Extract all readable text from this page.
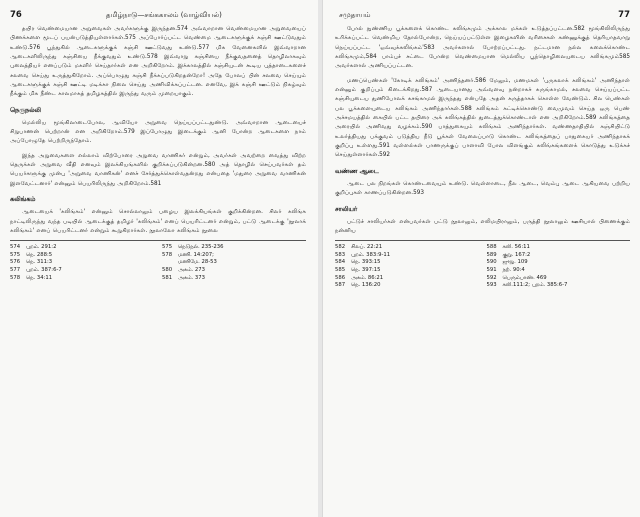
76	தமிழ்நாடு—சங்ககாலம் (வாழ்வியல்)

தயிர வெண்மையான அறுவைகள் அவர்களுக்கு இருந்தன.574 அவ்வாறான வெண்மையான அறுவையைப் பிணக்களை மூடப் பயன்படுத்தியுள்ளார்கள்.575 அப்போர்ப்பட்ட வெண்மை ஆடைகளுக்குக் கஞ்சி ஊட்டுவதும் உண்டு.576 பூந்துகில் ஆடைகளுக்குக் கஞ்சி ஊட்டுவது உண்டு.577 மிக வேனைகளில் இவ்வாறான ஆடைகளிலிருந்து கஞ்சியை நீக்குவதும் உண்டு.578 இவ்வாறு கஞ்சியை நீக்குவதனைத் தொழிலாகவும் புலைத்தியர் எனப்படும் மகளிர் செய்தார்கள் என அறிகிறோம். இக்காலத்தில் கஞ்சியுடன் கூடிய புத்தாடைகளைச் சலவை செய்து உருத்துகிறோம். அப்பொழுது கஞ்சி நீக்கப்படுகிறதன்றோ! அதே போலப் பின் சலவை செய்யும் ஆடைகளுக்குக் கஞ்சி ஊட்டி மடிக்கா நிலை செய்து அணிவிக்கப்பட்டன. எனவே, இக் கஞ்சி ஊட்டும் நிகழ்வும் நீக்கும் மிக நீண்ட காலமாகத் தமிழகத்தில் இருந்து வரும் முறையாகும்.

நெருநல்லி

மெல்லிய மூங்கிலாடைபோல, ஆவியோ அறுவை நெய்யப்பட்டதுண்டு. அவ்வாறான ஆடையைச் சிறுபாணன் பெற்றான் என அறிகிறோம்.579 இப்போழுது இடைக்கும் ஆனி போன்ற ஆடைகளை நாம் அப்போழுதே பெற்றிருந்தோம்.

இந்த அறுவைகளை எல்லாம் விற்போரை அறுவை வாணிகர் என்றும், அவர்கள் அவற்றை வைத்து விற்ற தெருக்கள் அறுவை வீதி எனவும் இலக்கியங்களில் குறிக்கப்படுகின்றன.580 அத் தொழில் செய்பவர்கள் தம் பெயர்களுக்கு முன்பு 'அறுவை வாணிகன்' எனச் சேர்த்துக்கொள்வதன்றது என்பதை 'மதுரை அறுவை வாணிகன் இளவேட்டனார்' என்னும் பெயரிலிருந்து அறிகிறோம்.581

கலிங்கம்

ஆடையைக் 'கலிங்கம்' என்னும் சொல்லாலும் பழைய இலக்கியங்கள் குறிக்கின்றன. சிலர் கலிங்க நாட்டிலிருந்து வந்த படியில் ஆடைக்குத் தமிழர் 'கலிங்கம்' எனப் பெயரிட்டனர் என்றும், பட்டு ஆடைக்கு 'நூலாக் கலிங்கம்' எனப் பெயரிட்டனர் என்றும் கூறுகிறார்கள். நூலாலோ கலிங்கம் நூலை

574 புறம். 291:2	575 நெடுநல். 235-236
575 நெ. 288:5	578 மணி. 14:207;
576 நெ. 311:3	மணிமே. 28-53
577 புறம். 387:6-7	580 அகம். 273
578 நெ. 34:11	581 அகம். 373
சமுதாயம்	77

போல் நுண்ணிய பூக்களைக் கொண்ட கலிங்கமும் அக்கால மக்கள் உடுத்தப்பட்டன.582 மூங்கிலிலிருந்து உரிக்கப்பட்ட வெண்மிய தோல்போன்ற, நெய்யப்பட்டுள்ள இழைகளின் வரிசைகள் கண்ணுக்குத் தெரியாதவாறு நெய்யப்பட்ட 'ஒவ்வுக்கலிங்கம்'583 அவர்களால் போற்றப்பட்டது. நட்டமான நல்ல கலைக்கொண்ட கலிங்கமும்,584 பாம்புச் சட்டை போன்ற வெண்மையான மெல்லிய பூந்தொழிலையுடைய கலிங்கமும்585 அவர்களால் அணியப்பட்டன.

மணப்பெண்கள் 'கோடிக் கலிங்கம்' அணிந்தனர்.586 மேலும், மணமகள் 'புருகலாக் கலிங்கம்' அணிந்தாள் என்னும் குறிப்பும் கிடைக்கிறது.587 ஆடையானது அவ்வளவு நன்றாகச் சுருங்காமல், சலவை செய்யப்பட்ட கஞ்சியுடைய துணிபோலக் கசங்காமல் இருந்தது என்பதே அதன் கருத்தாகக் கொள்ள வேண்டும். சில பெண்கள் பல பூக்களையுடைய கலிங்கம் அணிந்தார்கள்.588 கலிங்கம் கட்டிக்கொண்டு வைமுவம் செய்த ஒரு பெண் அச்சமயத்தில் கையில் பட்ட தயிரை அக் கலிங்கத்தில் துடைத்துக்கொண்டாள் என அறிகிறோம்.589 கலிங்கத்தை அரையில் அணிவது வழக்கம்.590 பாத்துகையும் கலிங்கம் அணிந்தார்கள். வண்ணதாதியில் கஞ்சியிட்டு உலர்த்தியது பக்குவம் படுத்திய நீடு பூக்கள் வேலைப்பாடு கொண்ட கலிங்கத்தைப் பாதுகையர் அணிந்தாகக் குறிப்பு உள்ளது.591 வள்ளல்கள் பாணருக்குப் பாளாவி போல விளங்கும் கலிங்கங்களைக் கொடுத்து உடுக்கச் செய்துள்ளார்கள்.592

வண்ண ஆடை

ஆடை பல நிறங்கள் கொண்டவையும் உண்டு. வெள்ளாடை, நீல ஆடை, வெம்பு ஆடை ஆகியவை பற்றிய குறிப்புகள் காணப்படுகின்றன.593

சாலியர்

பட்டுச் சாலியர்கள் என்பவர்கள் பட்டு நூலாலும், எலிமயிராலும், பருத்தி நூலாலும் ஊசியால் பிணைக்கும் நன்னிய

582 சிலப். 22:21	588 கலி. 56:11
583 புறம். 383:9-11	589 குறு. 167:2
584 நெ. 393:15	590 ஜுறு. 109
585 நெ. 397:15	591 நற். 90:4
586 அகம். 86:21	592 பெரும்பாண். 469
587 நெ. 136:20	593 கலி.111:2; புறம். 385:6-7
